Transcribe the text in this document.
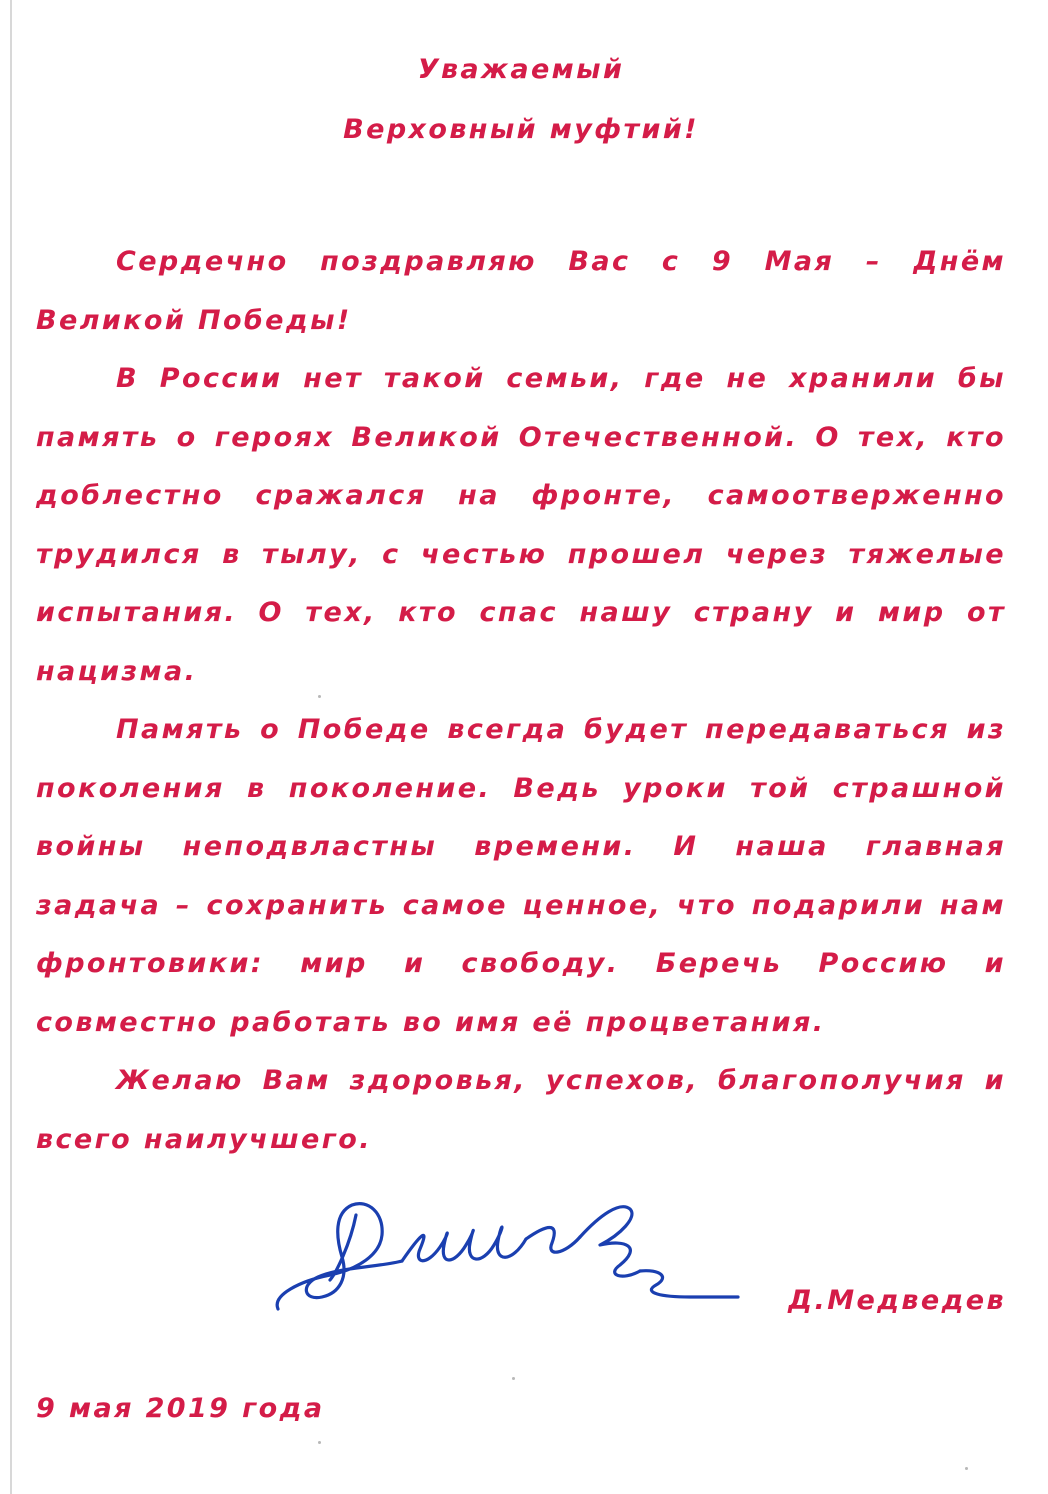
Уважаемый
Верховный муфтий!

Сердечно поздравляю Вас с 9 Мая – Днём Великой Победы!

В России нет такой семьи, где не хранили бы память о героях Великой Отечественной. О тех, кто доблестно сражался на фронте, самоотверженно трудился в тылу, с честью прошел через тяжелые испытания. О тех, кто спас нашу страну и мир от нацизма.

Память о Победе всегда будет передаваться из поколения в поколение. Ведь уроки той страшной войны неподвластны времени. И наша главная задача – сохранить самое ценное, что подарили нам фронтовики: мир и свободу. Беречь Россию и совместно работать во имя её процветания.

Желаю Вам здоровья, успехов, благополучия и всего наилучшего.

Д.Медведев
9 мая 2019 года
